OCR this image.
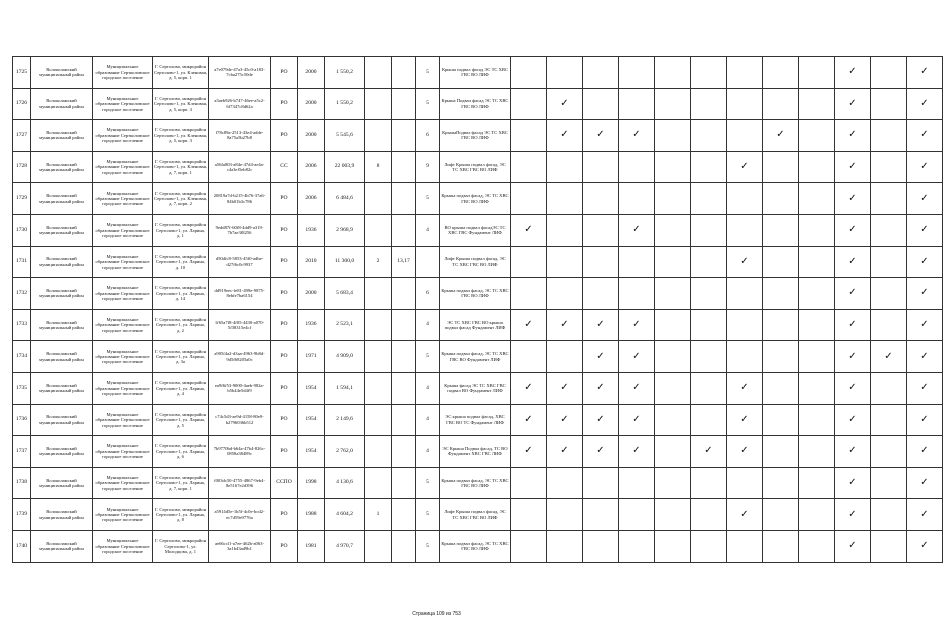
1725	Волоколамский муниципальный район	Муниципальное образование Сертколовское городское поселение	Г. Сертолово, микрорайон Сертолово-1, ул. Кленовая, д. 5, корп. 1	a7e079de-47a3-45c0-a183-7cba275c50de	РО	2000	1 550,2			5	Крыша подвал фасад ЭС ТС ХВС ГВС ВО ЛИФ										✓		✓
1726	Волоколамский муниципальный район	Муниципальное образование Сертколовское городское поселение	Г. Сертолово, микрорайон Сертолово-1, ул. Кленовая, д. 5, корп. 3	a3aeb926-b747-46ee-a5c2-6f7347c8d62a	РО	2000	1 550,2			5	Крыша Подвал фасад ЭС ТС ХВС ГВС ВО ЛИФ		✓								✓		✓
1727	Волоколамский муниципальный район	Муниципальное образование Сертколовское городское поселение	Г. Сертолово, микрорайон Сертолово-1, ул. Кленовая, д. 5, корп. 3	f78c89a-2513-43e4-adde-8a75a5b27b8	РО	2000	5 545,6			6	КрышаПодвал фасад ЭС ТС ХВС ГВС ВО ЛИФ		✓	✓	✓				✓		✓		✓
1728	Волоколамский муниципальный район	Муниципальное образование Сертколовское городское поселение	Г. Сертолово, микрорайон Сертолово-1, ул. Кленовая, д. 7, корп. 1	a56fa803-a84e-47d4-ae4a-c4a3ef5eb82c	СС	2006	22 003,9	8		9	Лифт Крыша подвал фасад, ЭС ТС ХВС ГВС ВО ЛИФ							✓			✓		✓
1729	Волоколамский муниципальный район	Муниципальное образование Сертколовское городское поселение	Г. Сертолово, микрорайон Сертолово-1, ул. Кленовая, д. 7, корп. 2	20819a7d-b215-4b76-37a6-84b01b3c786	РО	2006	6 484,6			5	Крыша подвал фасад, ЭС ТС ХВС ГВС ВО ЛИФ										✓		✓
1730	Волоколамский муниципальный район	Муниципальное образование Сертколовское городское поселение	Г. Сертолово, микрорайон Сертолово-1, ул. Ларина, д. 1	9edd87f-60f8-4dd9-a319-7b7ae3f8256	РО	1936	2 968,9			4	ВО крыша подвал фасадЭС ТС ХВС ГВС Фундамент ЛИФ	✓			✓						✓		✓
1731	Волоколамский муниципальный район	Муниципальное образование Сертколовское городское поселение	Г. Сертолово, микрорайон Сертолово-1, ул. Ларина, д. 10	d50dfc8-5853-45f0-adbe-d27f6c0c9937	РО	2010	11 300,0	2	13,17		Лифт Крыша подвал фасад, ЭС ТС ХВС ГВС ВО ЛИФ							✓			✓		✓
1732	Волоколамский муниципальный район	Муниципальное образование Сертколовское городское поселение	Г. Сертолово, микрорайон Сертолово-1, ул. Ларина, д. 14	dd919eec-fe81-499e-9875-8ebfe7ba6154	РО	2000	5 683,4			6	Крыша подвал фасад, ЭС ТС ХВС ГВС ВО ЛИФ										✓		✓
1733	Волоколамский муниципальный район	Муниципальное образование Сертколовское городское поселение	Г. Сертолово, микрорайон Сертолово-1, ул. Ларина, д. 2	1f65a7f8-4f05-4430-a070-5f38315e4cf	РО	1936	2 523,1			4	ЭС ТС ХВС ГВС ВО крыша подвал фасад Фундамент ЛИФ	✓	✓	✓	✓						✓		✓
1734	Волоколамский муниципальный район	Муниципальное образование Сертколовское городское поселение	Г. Сертолово, микрорайон Сертолово-1, ул. Ларина, д. 3а	a905f4a2-d3aa-4963-9b8d-9d5f68205a0c	РО	1971	4 909,0			5	Крыша подвал фасад, ЭС ТС ХВС ГВС ВО Фундамент ЛИФ			✓	✓						✓	✓	✓
1735	Волоколамский муниципальный район	Муниципальное образование Сертколовское городское поселение	Г. Сертолово, микрорайон Сертолово-1, ул. Ларина, д. 4	ea9f6f53-9000-4aeb-982a-b5b44e5d4f9	РО	1954	1 594,1			4	Крыша фасад ЭС ТС ХВС ГВС подвал ВО Фундамент ЛИФ	✓	✓	✓	✓			✓			✓		✓
1736	Волоколамский муниципальный район	Муниципальное образование Сертколовское городское поселение	Г. Сертолово, микрорайон Сертолово-1, ул. Ларина, д. 5	c74c5d3-ae9d-4158-80e9-b2796036b512	РО	1954	2 149,6			4	ЭС крыша подвал фасад, ХВС ГВС ВО ТС Фундамент ЛИФ	✓	✓	✓	✓			✓			✓		✓
1737	Волоколамский муниципальный район	Муниципальное образование Сертколовское городское поселение	Г. Сертолово, микрорайон Сертолово-1, ул. Ларина, д. 6	7b9770bd-b64a-47b4-826c-0858a38489c	РО	1954	2 762,0			4	ЭС Крыша Подвал фасад, ТС ВО Фундамент ХВС ГВС ЛИФ	✓	✓	✓	✓		✓	✓			✓		✓
1738	Волоколамский муниципальный район	Муниципальное образование Сертколовское городское поселение	Г. Сертолово, микрорайон Сертолово-1, ул. Ларина, д. 7, корп. 1	f003dc50-4755-4867-9eb4-8e5167e2d396	ССПО	1998	4 130,6			5	Крыша подвал фасад, ЭС ТС ХВС ГВС ВО ЛИФ										✓		✓
1739	Волоколамский муниципальный район	Муниципальное образование Сертколовское городское поселение	Г. Сертолово, микрорайон Сертолово-1, ул. Ларина, д. 8	a5914d5e-1b5f-4c0e-bcd2-ec7d59e9776a	РО	1988	4 604,2	1		5	Лифт Крыша подвал фасад, ЭС ТС ХВС ГВС ВО ЛИФ							✓			✓		✓
1740	Волоколамский муниципальный район	Муниципальное образование Сертколовское городское поселение	Г. Сертолово, микрорайон Сертолово-1, ул. Молодцова, д. 1	ae66ccl1-a7ee-462b-a063-3a1b43ad9b1	РО	1981	4 970,7			5	Крыша подвал фасад, ЭС ТС ХВС ГВС ВО ЛИФ										✓		✓
Страница 109 из 753
